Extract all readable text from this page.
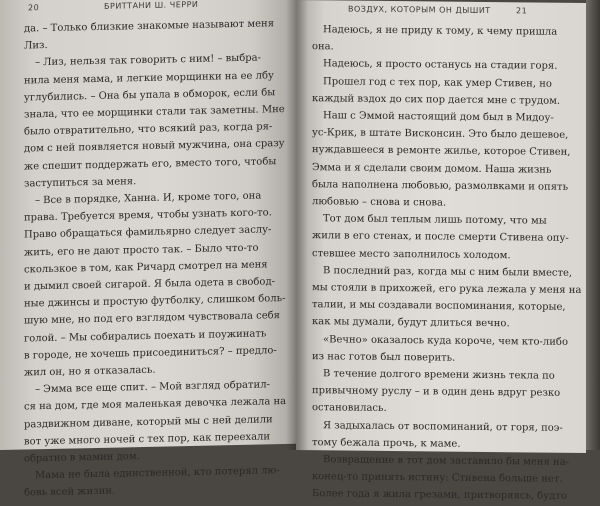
20	БРИТТАНИ Ш. ЧЕРРИ
да. – Только близкие знакомые называют меня
Лиз.
– Лиз, нельзя так говорить с ним! – выбра-
нила меня мама, и легкие морщинки на ее лбу
углубились. – Она бы упала в обморок, если бы
знала, что ее морщинки стали так заметны. Мне
было отвратительно, что всякий раз, когда ря-
дом с ней появляется новый мужчина, она сразу
же спешит поддержать его, вместо того, чтобы
заступиться за меня.
– Все в порядке, Ханна. И, кроме того, она
права. Требуется время, чтобы узнать кого-то.
Право обращаться фамильярно следует заслу-
жить, его не дают просто так. – Было что-то
скользкое в том, как Ричард смотрел на меня
и дымил своей сигарой. Я была одета в свобод-
ные джинсы и простую футболку, слишком боль-
шую мне, но под его взглядом чувствовала себя
голой. – Мы собирались поехать и поужинать
в городе, не хочешь присоединиться? – предло-
жил он, но я отказалась.
– Эмма все еще спит. – Мой взгляд обратил-
ся на дом, где моя маленькая девочка лежала на
раздвижном диване, который мы с ней делили
вот уже много ночей с тех пор, как переехали
обратно в мамин дом.
Мама не была единственной, кто потерял лю-
бовь всей жизни.
ВОЗДУХ, КОТОРЫМ ОН ДЫШИТ	21
Надеюсь, я не приду к тому, к чему пришла
она.
Надеюсь, я просто останусь на стадии горя.
Прошел год с тех пор, как умер Стивен, но
каждый вздох до сих пор дается мне с трудом.
Наш с Эммой настоящий дом был в Мидоу-
ус-Крик, в штате Висконсин. Это было дешевое,
нуждавшееся в ремонте жилье, которое Стивен,
Эмма и я сделали своим домом. Наша жизнь
была наполнена любовью, размолвками и опять
любовью – снова и снова.
Тот дом был теплым лишь потому, что мы
жили в его стенах, и после смерти Стивена опу-
стевшее место заполнилось холодом.
В последний раз, когда мы с ним были вместе,
мы стояли в прихожей, его рука лежала у меня на
талии, и мы создавали воспоминания, которые,
как мы думали, будут длиться вечно.
«Вечно» оказалось куда короче, чем кто-либо
из нас готов был поверить.
В течение долгого времени жизнь текла по
привычному руслу – и в один день вдруг резко
остановилась.
Я задыхалась от воспоминаний, от горя, поэ-
тому бежала прочь, к маме.
Возвращение в тот дом заставило бы меня на-
конец-то принять истину: Стивена больше нет.
Более года я жила грезами, притворяясь, будто
